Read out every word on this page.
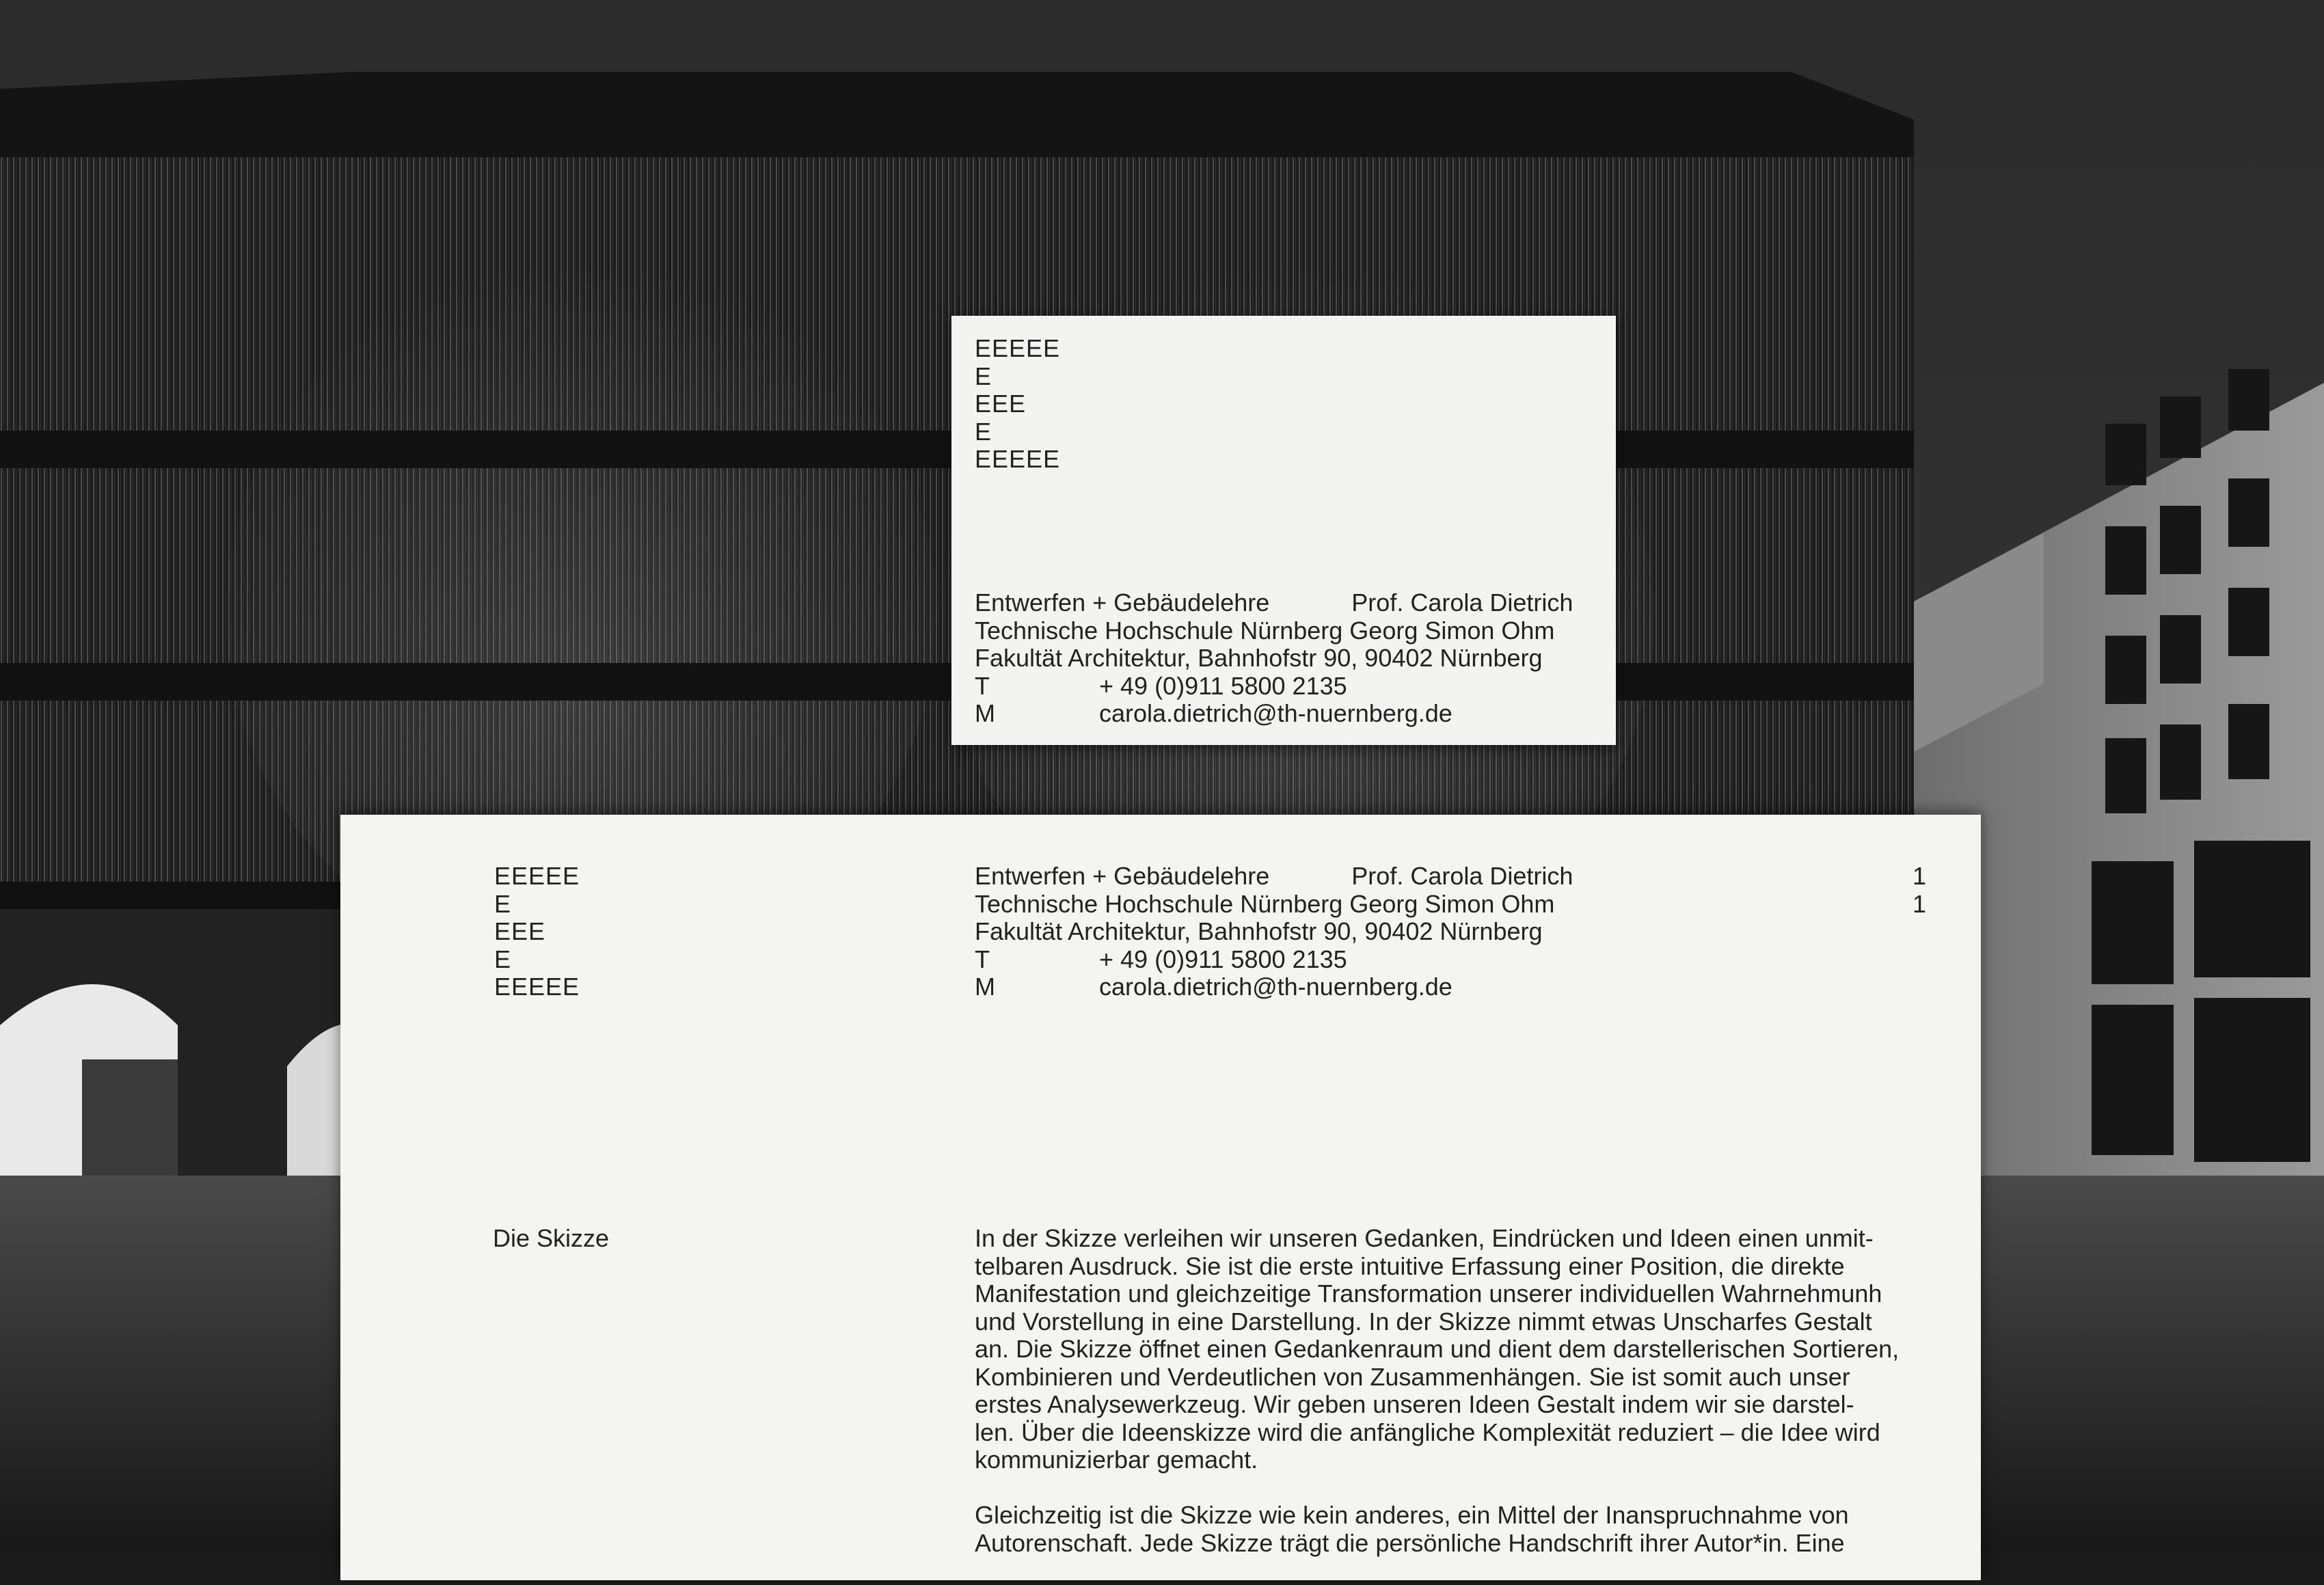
EEEEE
E
EEE
E
EEEEE
Entwerfen + Gebäudelehre	Prof. Carola Dietrich
Technische Hochschule Nürnberg Georg Simon Ohm
Fakultät Architektur, Bahnhofstr 90, 90402 Nürnberg
T	+ 49 (0)911 5800 2135
M	carola.dietrich@th-nuernberg.de
EEEEE
E
EEE
E
EEEEE
Entwerfen + Gebäudelehre	Prof. Carola Dietrich
Technische Hochschule Nürnberg Georg Simon Ohm
Fakultät Architektur, Bahnhofstr 90, 90402 Nürnberg
T	+ 49 (0)911 5800 2135
M	carola.dietrich@th-nuernberg.de
1
1
Die Skizze	In der Skizze verleihen wir unseren Gedanken, Eindrücken und Ideen einen unmit-
telbaren Ausdruck. Sie ist die erste intuitive Erfassung einer Position, die direkte
Manifestation und gleichzeitige Transformation unserer individuellen Wahrnehmunh
und Vorstellung in eine Darstellung. In der Skizze nimmt etwas Unscharfes Gestalt
an. Die Skizze öffnet einen Gedankenraum und dient dem darstellerischen Sortieren,
Kombinieren und Verdeutlichen von Zusammenhängen. Sie ist somit auch unser
erstes Analysewerkzeug. Wir geben unseren Ideen Gestalt indem wir sie darstel-
len. Über die Ideenskizze wird die anfängliche Komplexität reduziert – die Idee wird
kommunizierbar gemacht.

Gleichzeitig ist die Skizze wie kein anderes, ein Mittel der Inanspruchnahme von
Autorenschaft. Jede Skizze trägt die persönliche Handschrift ihrer Autor*in. Eine
